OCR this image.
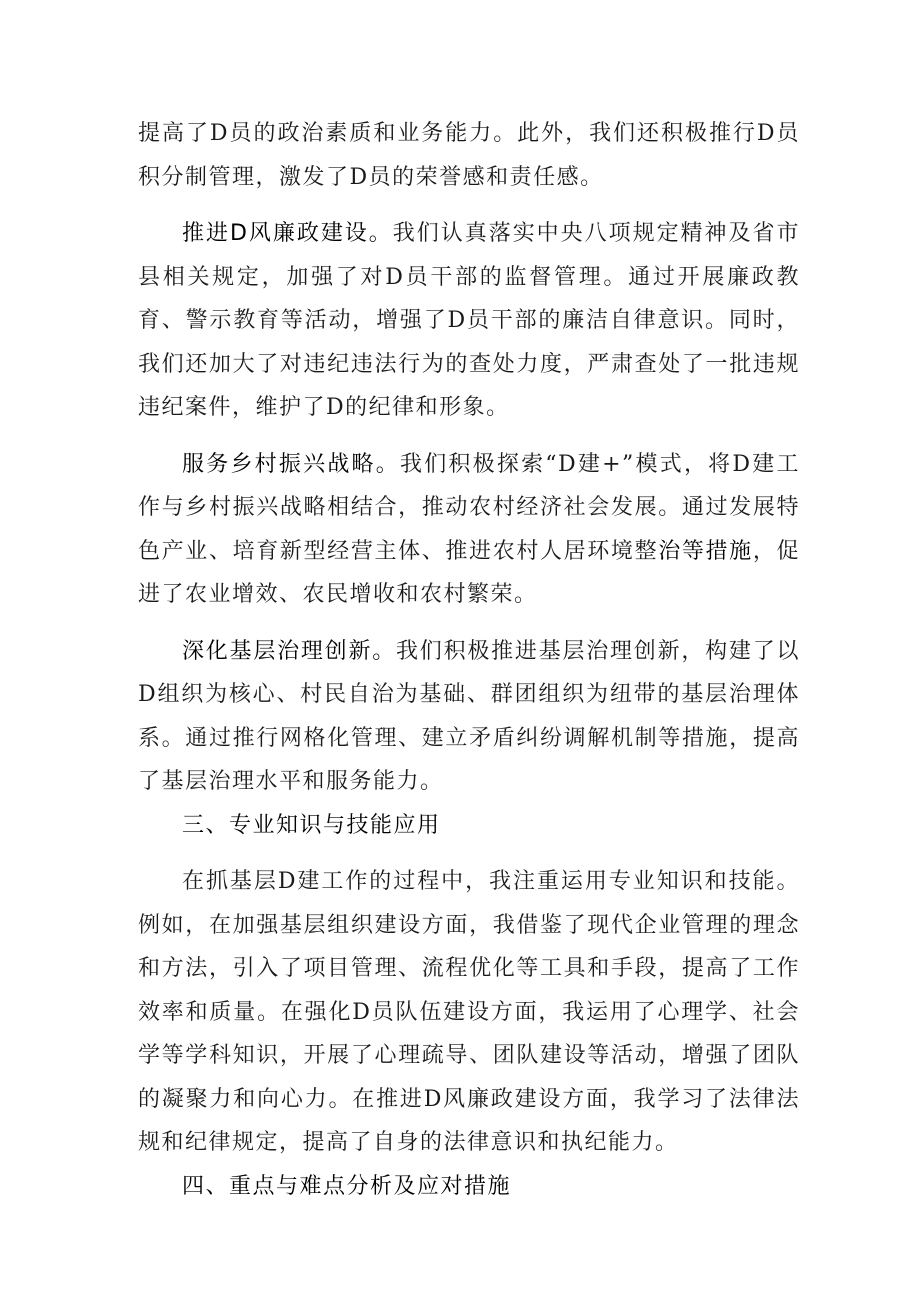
提高了D员的政治素质和业务能力。此外，我们还积极推行D员积分制管理，激发了D员的荣誉感和责任感。

推进D风廉政建设。我们认真落实中央八项规定精神及省市县相关规定，加强了对D员干部的监督管理。通过开展廉政教育、警示教育等活动，增强了D员干部的廉洁自律意识。同时，我们还加大了对违纪违法行为的查处力度，严肃查处了一批违规违纪案件，维护了D的纪律和形象。

服务乡村振兴战略。我们积极探索“D建+”模式，将D建工作与乡村振兴战略相结合，推动农村经济社会发展。通过发展特色产业、培育新型经营主体、推进农村人居环境整治等措施，促进了农业增效、农民增收和农村繁荣。

深化基层治理创新。我们积极推进基层治理创新，构建了以D组织为核心、村民自治为基础、群团组织为纽带的基层治理体系。通过推行网格化管理、建立矛盾纠纷调解机制等措施，提高了基层治理水平和服务能力。

三、专业知识与技能应用

在抓基层D建工作的过程中，我注重运用专业知识和技能。例如，在加强基层组织建设方面，我借鉴了现代企业管理的理念和方法，引入了项目管理、流程优化等工具和手段，提高了工作效率和质量。在强化D员队伍建设方面，我运用了心理学、社会学等学科知识，开展了心理疏导、团队建设等活动，增强了团队的凝聚力和向心力。在推进D风廉政建设方面，我学习了法律法规和纪律规定，提高了自身的法律意识和执纪能力。

四、重点与难点分析及应对措施
